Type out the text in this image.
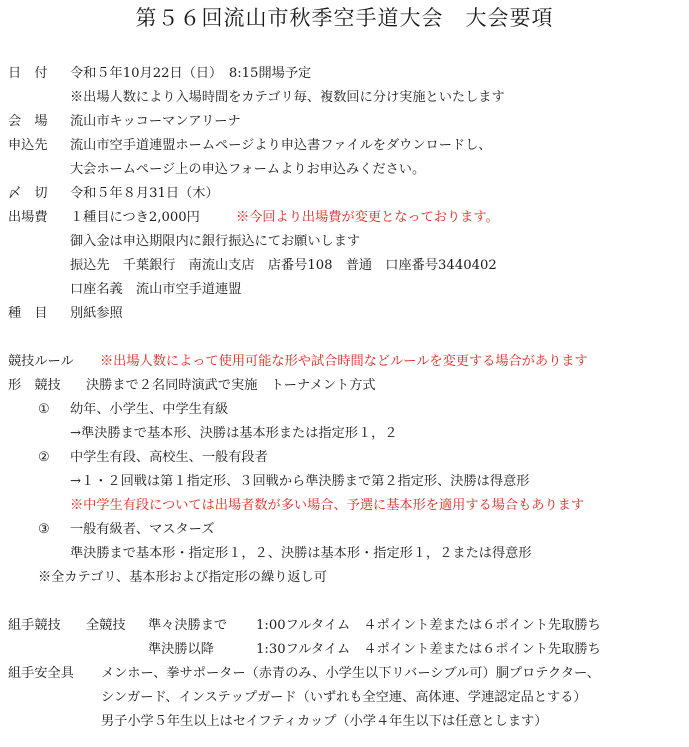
第５６回流山市秋季空手道大会　大会要項
日　付 令和５年10月22日（日）　8:15開場予定
※出場人数により入場時間をカテゴリ毎、複数回に分け実施といたします
会　場 流山市キッコーマンアリーナ
申込先 流山市空手道連盟ホームページより申込書ファイルをダウンロードし、
大会ホームページ上の申込フォームよりお申込みください。
〆　切 令和５年８月31日（木）
出場費 １種目につき2,000円	※今回より出場費が変更となっております。
御入金は申込期限内に銀行振込にてお願いします
振込先　千葉銀行　南流山支店　店番号108　普通　口座番号3440402
口座名義　流山市空手道連盟
種　目 別紙参照
競技ルール ※出場人数によって使用可能な形や試合時間などルールを変更する場合があります
形　競技 決勝まで２名同時演武で実施　トーナメント方式
① 幼年、小学生、中学生有級
→準決勝まで基本形、決勝は基本形または指定形１，２
② 中学生有段、高校生、一般有段者
→１・２回戦は第１指定形、３回戦から準決勝まで第２指定形、決勝は得意形
※中学生有段については出場者数が多い場合、予選に基本形を適用する場合もあります
③ 一般有級者、マスターズ
準決勝まで基本形・指定形１，２、決勝は基本形・指定形１，２または得意形
※全カテゴリ、基本形および指定形の繰り返し可
組手競技 全競技 準々決勝まで 1:00フルタイム　４ポイント差または６ポイント先取勝ち
準決勝以降	1:30フルタイム　４ポイント差または６ポイント先取勝ち
組手安全具 メンホー、拳サポーター（赤青のみ、小学生以下リバーシブル可）胴プロテクター、
シンガード、インステップガード（いずれも全空連、高体連、学連認定品とする）
男子小学５年生以上はセイフティカップ（小学４年生以下は任意とします）
